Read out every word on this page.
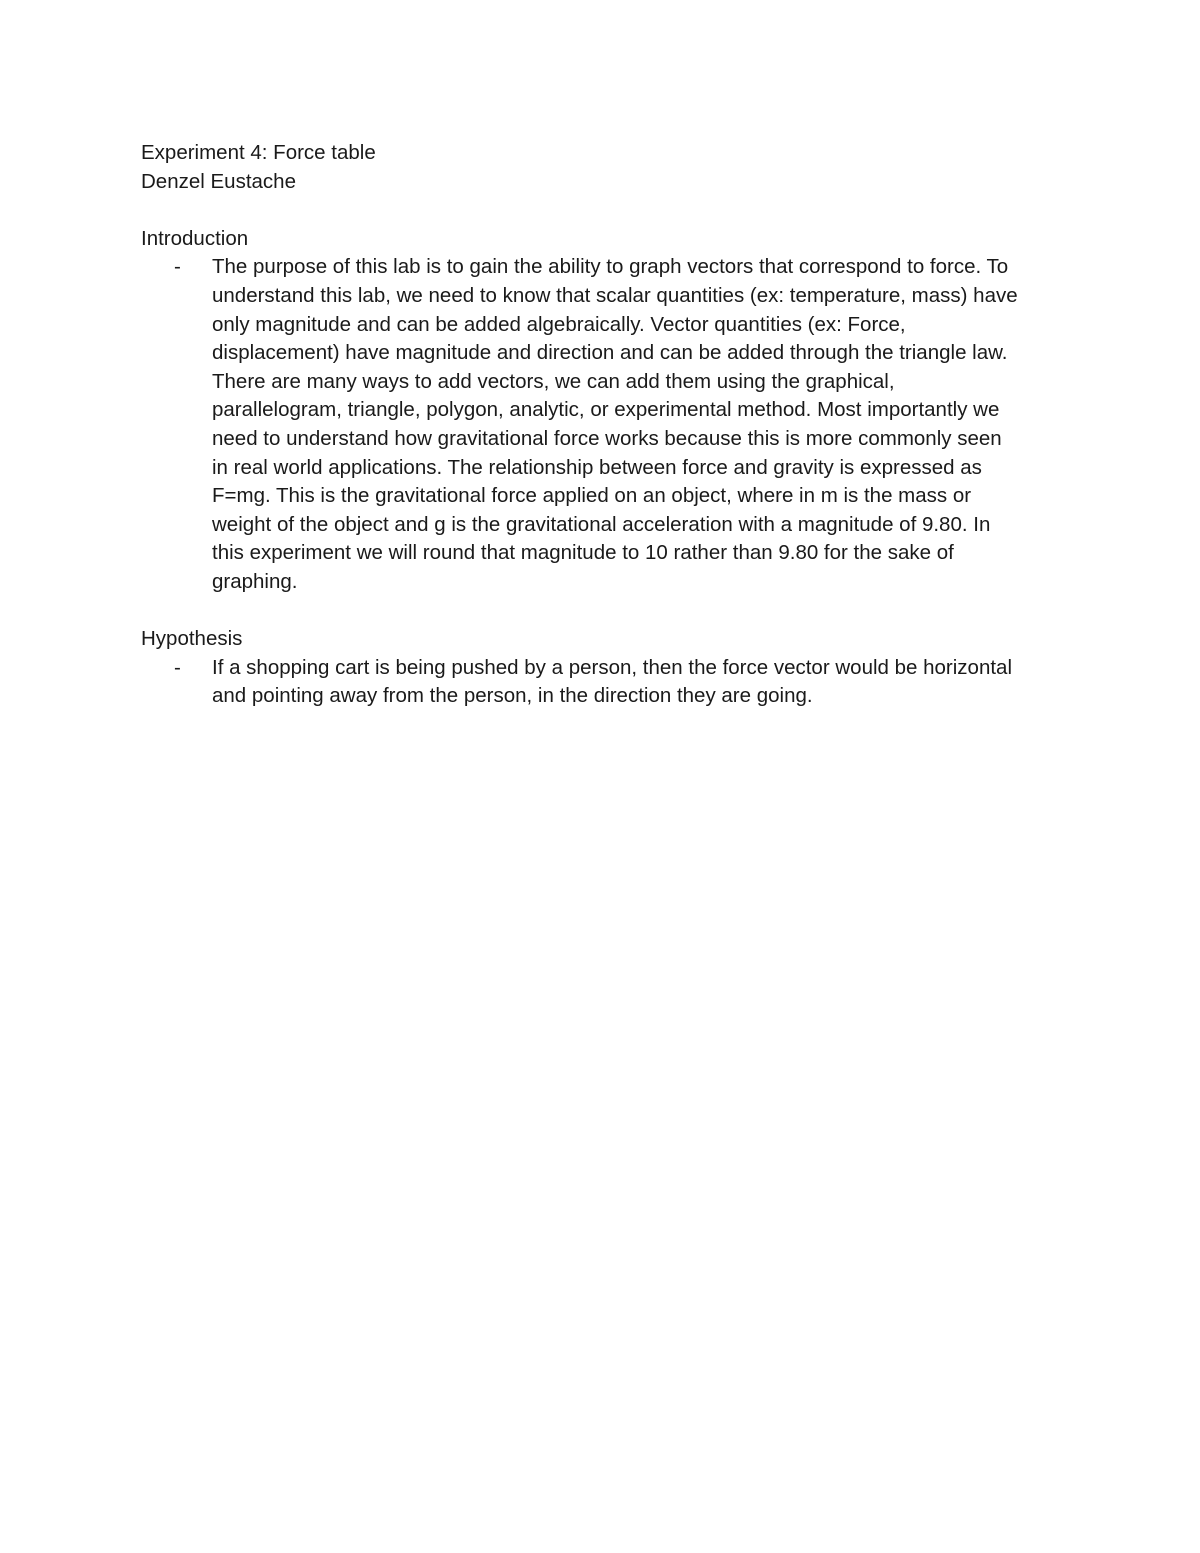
Experiment 4: Force table
Denzel Eustache
Introduction
- The purpose of this lab is to gain the ability to graph vectors that correspond to force. To
understand this lab, we need to know that scalar quantities (ex: temperature, mass) have
only magnitude and can be added algebraically. Vector quantities (ex: Force,
displacement) have magnitude and direction and can be added through the triangle law.
There are many ways to add vectors, we can add them using the graphical,
parallelogram, triangle, polygon, analytic, or experimental method. Most importantly we
need to understand how gravitational force works because this is more commonly seen
in real world applications. The relationship between force and gravity is expressed as
F=mg. This is the gravitational force applied on an object, where in m is the mass or
weight of the object and g is the gravitational acceleration with a magnitude of 9.80. In
this experiment we will round that magnitude to 10 rather than 9.80 for the sake of
graphing.
Hypothesis
- If a shopping cart is being pushed by a person, then the force vector would be horizontal
and pointing away from the person, in the direction they are going.
